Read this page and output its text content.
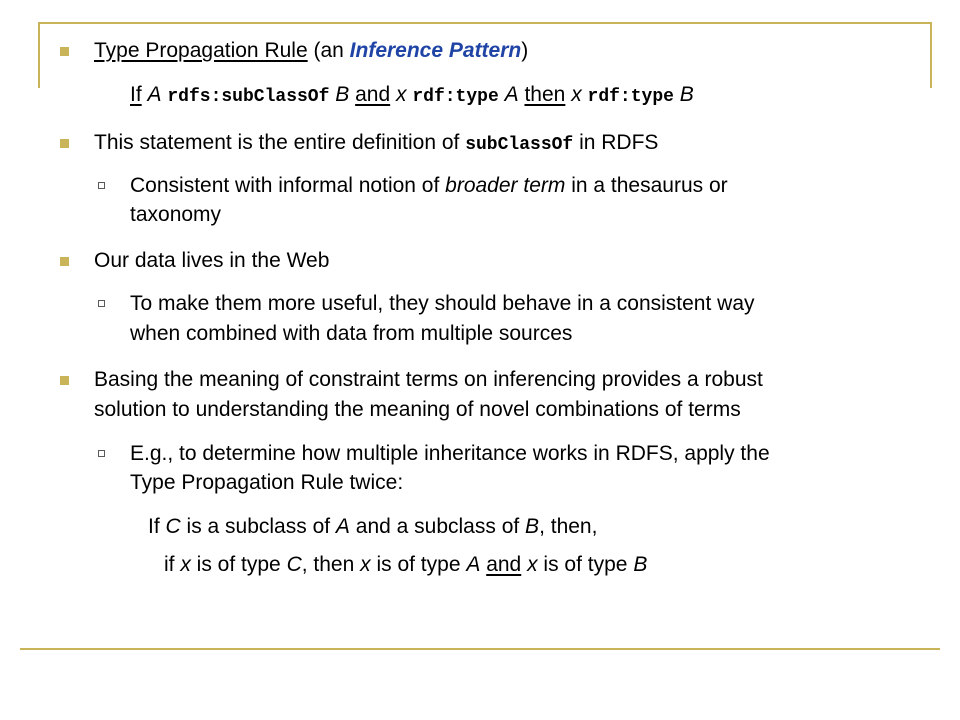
Type Propagation Rule (an Inference Pattern)
If A rdfs:subClassOf B and x rdf:type A then x rdf:type B
This statement is the entire definition of subClassOf in RDFS
Consistent with informal notion of broader term in a thesaurus or
taxonomy
Our data lives in the Web
To make them more useful, they should behave in a consistent way
when combined with data from multiple sources
Basing the meaning of constraint terms on inferencing provides a robust
solution to understanding the meaning of novel combinations of terms
E.g., to determine how multiple inheritance works in RDFS, apply the
Type Propagation Rule twice:
If C is a subclass of A and a subclass of B, then,
if x is of type C, then x is of type A and x is of type B
